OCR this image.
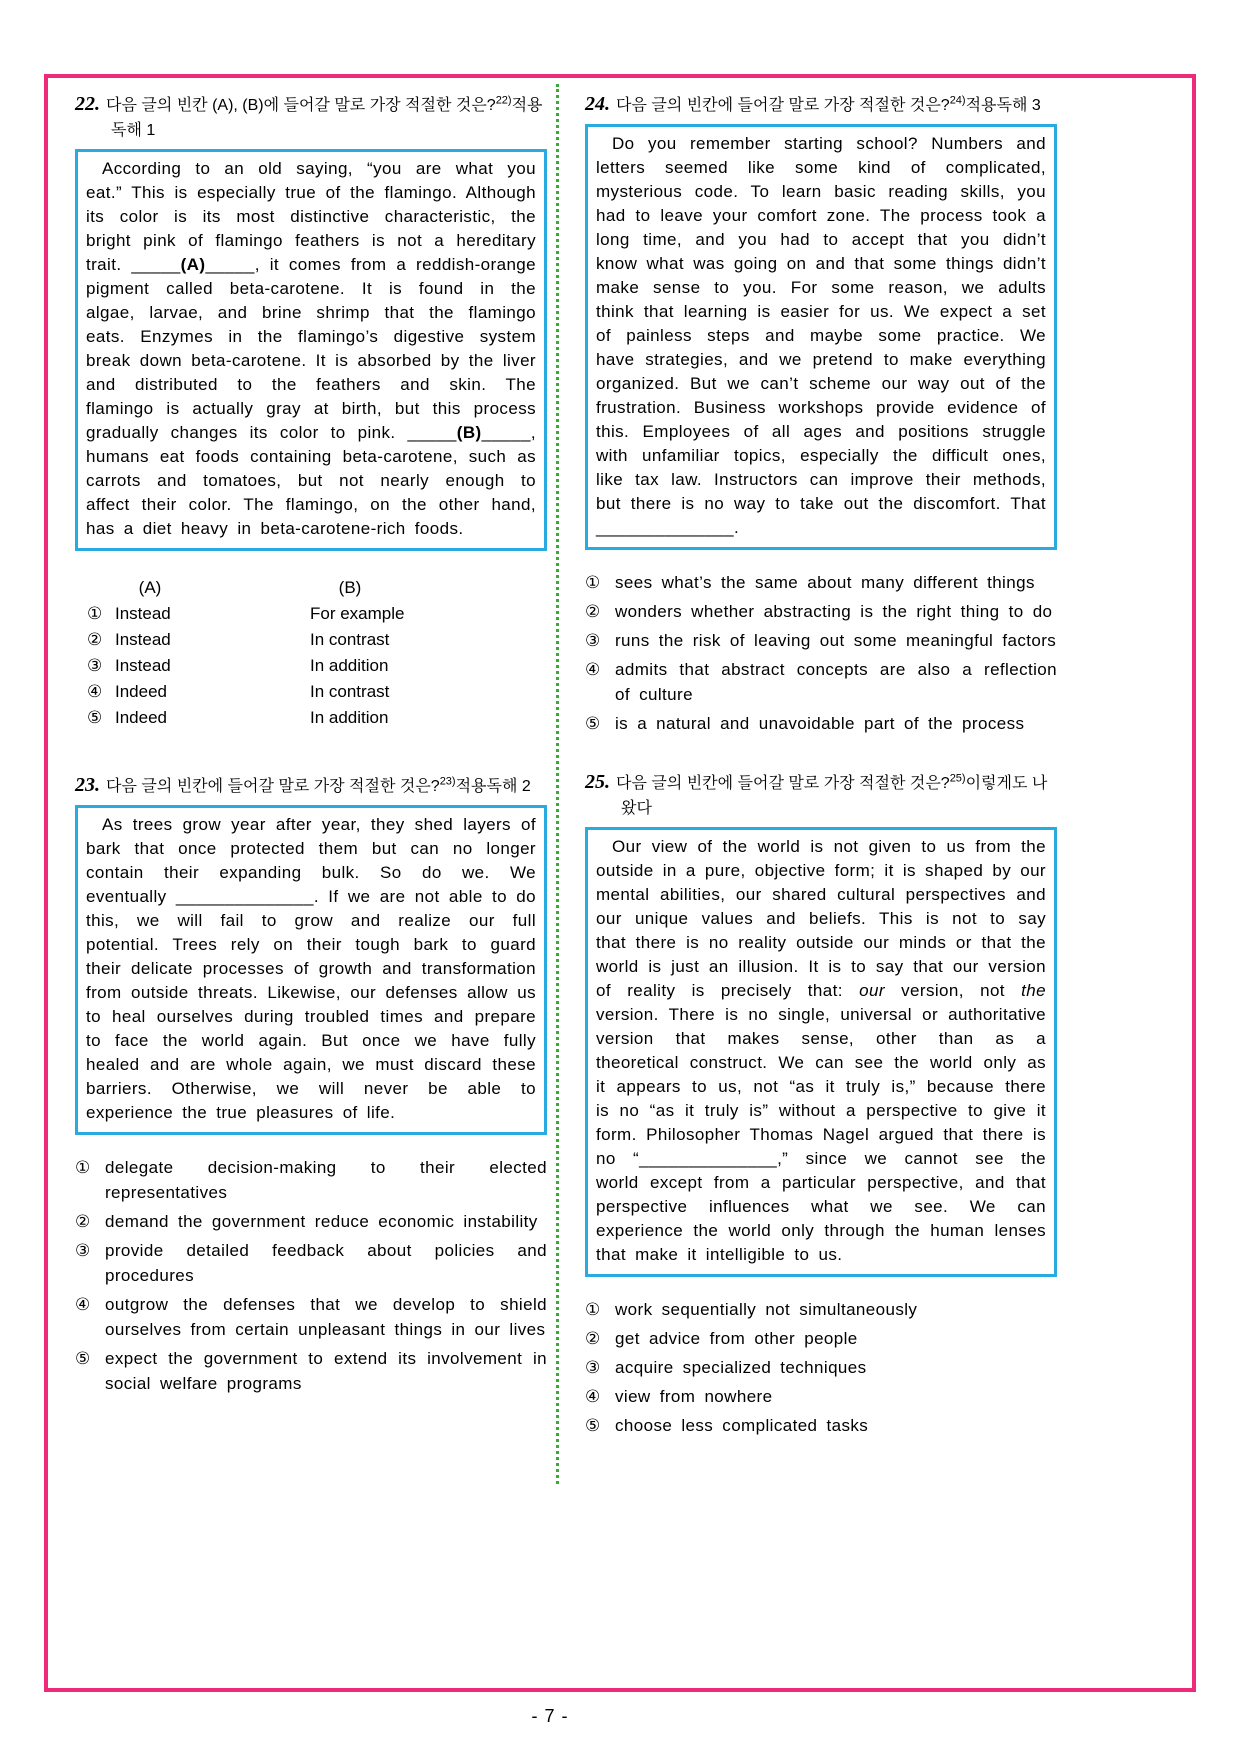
22. 다음 글의 빈칸 (A), (B)에 들어갈 말로 가장 적절한 것은?$^{22)}$적용독해 1
According to an old saying, “you are what you eat.” This is especially true of the flamingo. Although its color is its most distinctive characteristic, the bright pink of flamingo feathers is not a hereditary trait. _____(A)_____, it comes from a reddish-orange pigment called beta-carotene. It is found in the algae, larvae, and brine shrimp that the flamingo eats. Enzymes in the flamingo’s digestive system break down beta-carotene. It is absorbed by the liver and distributed to the feathers and skin. The flamingo is actually gray at birth, but this process gradually changes its color to pink. _____(B)_____, humans eat foods containing beta-carotene, such as carrots and tomatoes, but not nearly enough to affect their color. The flamingo, on the other hand, has a diet heavy in beta-carotene-rich foods.
(A)	(B)
① Instead	For example
② Instead	In contrast
③ Instead	In addition
④ Indeed	In contrast
⑤ Indeed	In addition
23. 다음 글의 빈칸에 들어갈 말로 가장 적절한 것은?$^{23)}$적용독해 2
As trees grow year after year, they shed layers of bark that once protected them but can no longer contain their expanding bulk. So do we. We eventually ______________. If we are not able to do this, we will fail to grow and realize our full potential. Trees rely on their tough bark to guard their delicate processes of growth and transformation from outside threats. Likewise, our defenses allow us to heal ourselves during troubled times and prepare to face the world again. But once we have fully healed and are whole again, we must discard these barriers. Otherwise, we will never be able to experience the true pleasures of life.
① delegate decision-making to their elected representatives
② demand the government reduce economic instability
③ provide detailed feedback about policies and procedures
④ outgrow the defenses that we develop to shield ourselves from certain unpleasant things in our lives
⑤ expect the government to extend its involvement in social welfare programs
24. 다음 글의 빈칸에 들어갈 말로 가장 적절한 것은?$^{24)}$적용독해 3
Do you remember starting school? Numbers and letters seemed like some kind of complicated, mysterious code. To learn basic reading skills, you had to leave your comfort zone. The process took a long time, and you had to accept that you didn’t know what was going on and that some things didn’t make sense to you. For some reason, we adults think that learning is easier for us. We expect a set of painless steps and maybe some practice. We have strategies, and we pretend to make everything organized. But we can’t scheme our way out of the frustration. Business workshops provide evidence of this. Employees of all ages and positions struggle with unfamiliar topics, especially the difficult ones, like tax law. Instructors can improve their methods, but there is no way to take out the discomfort. That ______________.
① sees what’s the same about many different things
② wonders whether abstracting is the right thing to do
③ runs the risk of leaving out some meaningful factors
④ admits that abstract concepts are also a reflection of culture
⑤ is a natural and unavoidable part of the process
25. 다음 글의 빈칸에 들어갈 말로 가장 적절한 것은?$^{25)}$이렇게도 나왔다
Our view of the world is not given to us from the outside in a pure, objective form; it is shaped by our mental abilities, our shared cultural perspectives and our unique values and beliefs. This is not to say that there is no reality outside our minds or that the world is just an illusion. It is to say that our version of reality is precisely that: our version, not the version. There is no single, universal or authoritative version that makes sense, other than as a theoretical construct. We can see the world only as it appears to us, not “as it truly is,” because there is no “as it truly is” without a perspective to give it form. Philosopher Thomas Nagel argued that there is no “______________,” since we cannot see the world except from a particular perspective, and that perspective influences what we see. We can experience the world only through the human lenses that make it intelligible to us.
① work sequentially not simultaneously
② get advice from other people
③ acquire specialized techniques
④ view from nowhere
⑤ choose less complicated tasks
- 7 -
